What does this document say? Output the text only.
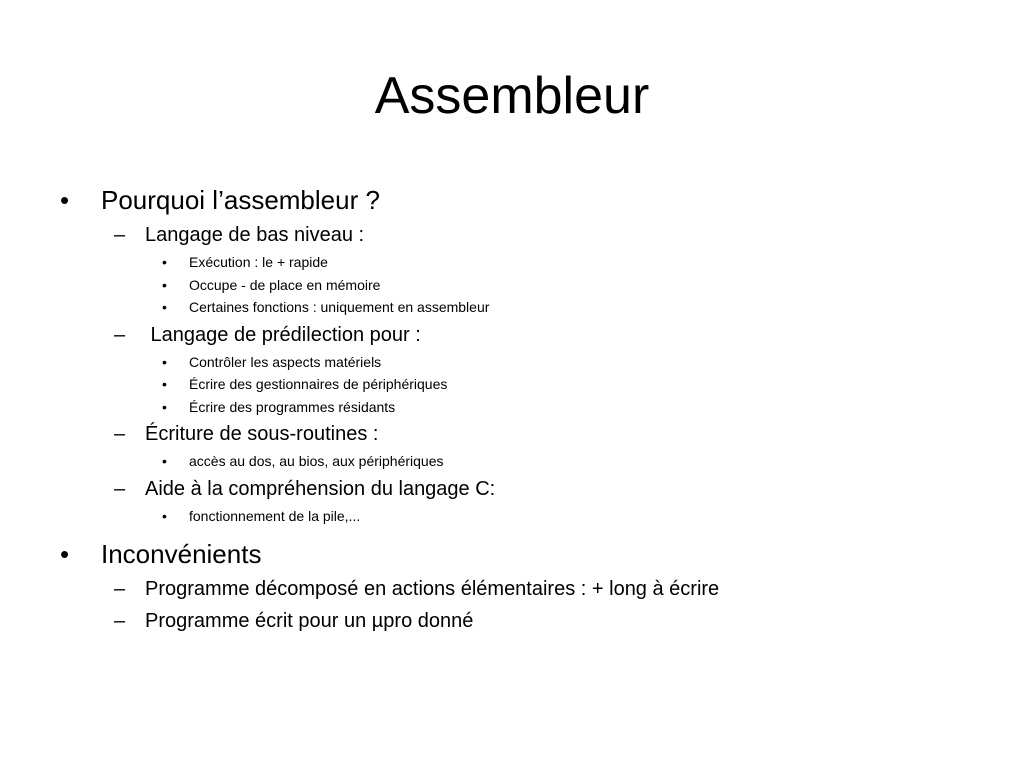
Assembleur
• Pourquoi l’assembleur ?
– Langage de bas niveau :
• Exécution : le + rapide
• Occupe - de place en mémoire
• Certaines fonctions : uniquement en assembleur
– Langage de prédilection pour :
• Contrôler les aspects matériels
• Écrire des gestionnaires de périphériques
• Écrire des programmes résidants
– Écriture de sous-routines :
• accès au dos, au bios, aux périphériques
– Aide à la compréhension du langage C:
• fonctionnement de la pile,...
• Inconvénients
– Programme décomposé en actions élémentaires : + long à écrire
– Programme écrit pour un µpro donné
